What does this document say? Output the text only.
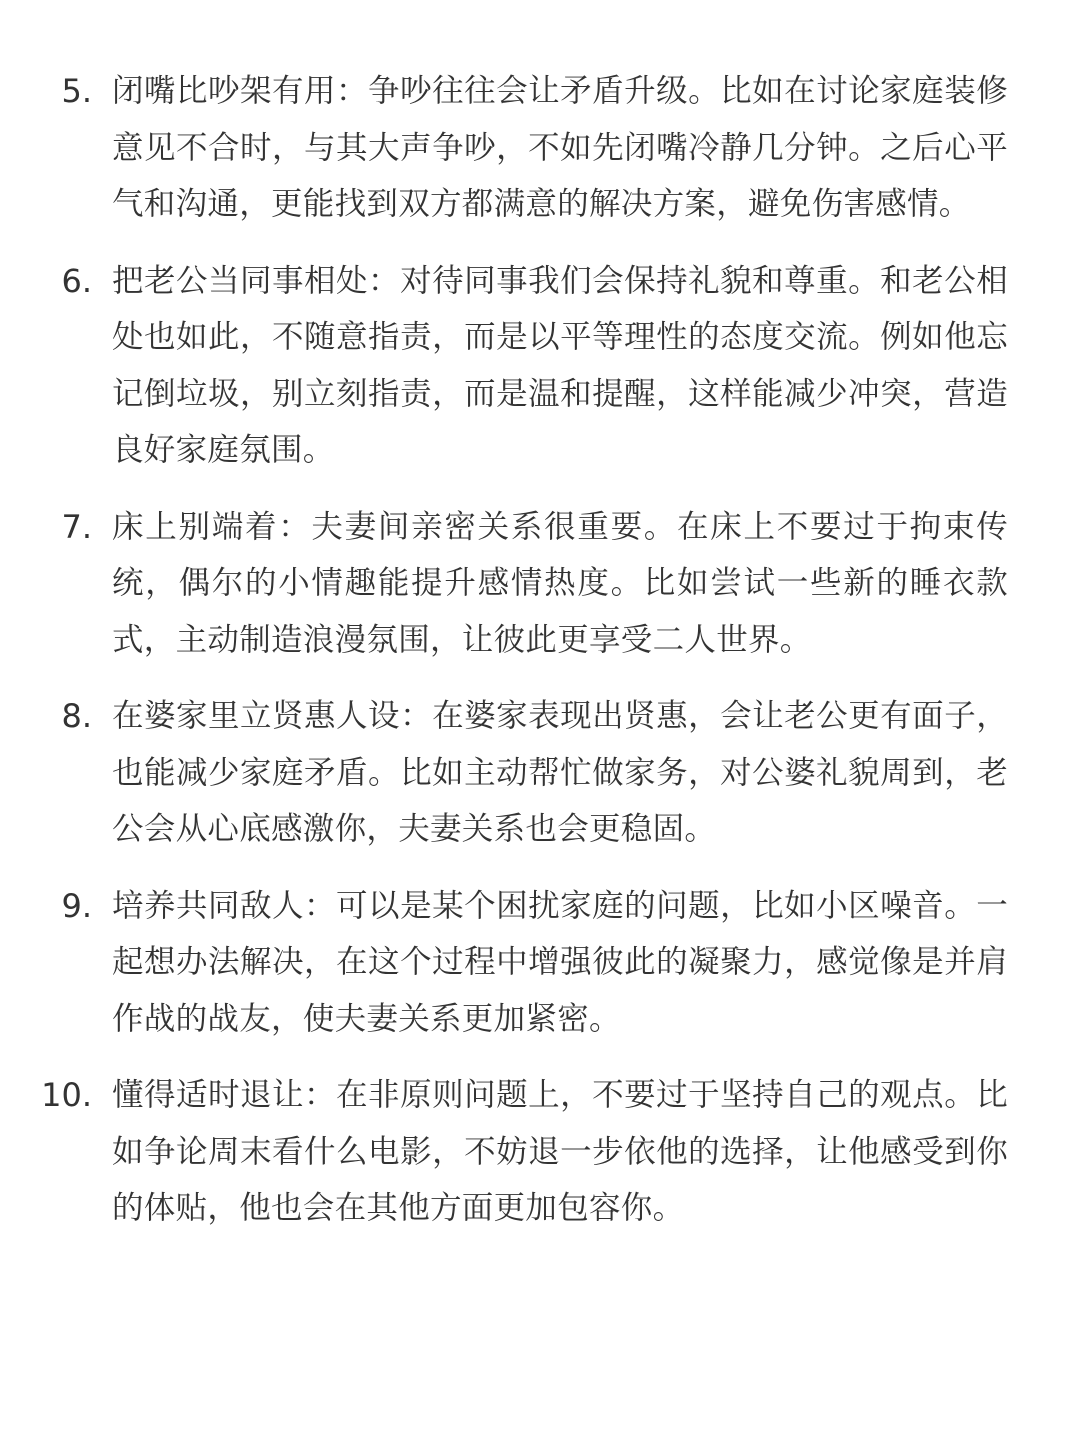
5. 闭嘴比吵架有用：争吵往往会让矛盾升级。比如在讨论家庭装修意见不合时，与其大声争吵，不如先闭嘴冷静几分钟。之后心平气和沟通，更能找到双方都满意的解决方案，避免伤害感情。

6. 把老公当同事相处：对待同事我们会保持礼貌和尊重。和老公相处也如此，不随意指责，而是以平等理性的态度交流。例如他忘记倒垃圾，别立刻指责，而是温和提醒，这样能减少冲突，营造良好家庭氛围。

7. 床上别端着：夫妻间亲密关系很重要。在床上不要过于拘束传统，偶尔的小情趣能提升感情热度。比如尝试一些新的睡衣款式，主动制造浪漫氛围，让彼此更享受二人世界。

8. 在婆家里立贤惠人设：在婆家表现出贤惠，会让老公更有面子，也能减少家庭矛盾。比如主动帮忙做家务，对公婆礼貌周到，老公会从心底感激你，夫妻关系也会更稳固。

9. 培养共同敌人：可以是某个困扰家庭的问题，比如小区噪音。一起想办法解决，在这个过程中增强彼此的凝聚力，感觉像是并肩作战的战友，使夫妻关系更加紧密。

10. 懂得适时退让：在非原则问题上，不要过于坚持自己的观点。比如争论周末看什么电影，不妨退一步依他的选择，让他感受到你的体贴，他也会在其他方面更加包容你。
